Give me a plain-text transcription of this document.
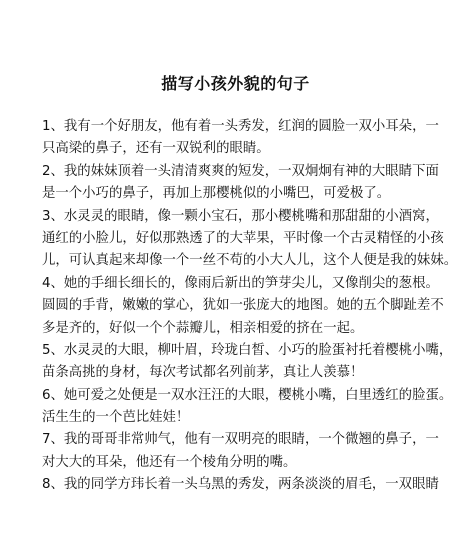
描写小孩外貌的句子
1、我有一个好朋友，他有着一头秀发，红润的圆脸一双小耳朵，一
只高梁的鼻子，还有一双锐利的眼睛。
2、我的妹妹顶着一头清清爽爽的短发，一双炯炯有神的大眼睛下面
是一个小巧的鼻子，再加上那樱桃似的小嘴巴，可爱极了。
3、水灵灵的眼睛，像一颗小宝石，那小樱桃嘴和那甜甜的小酒窝，
通红的小脸儿，好似那熟透了的大苹果，平时像一个古灵精怪的小孩
儿，可认真起来却像一个一丝不苟的小大人儿，这个人便是我的妹妹。
4、她的手细长细长的，像雨后新出的笋芽尖儿，又像削尖的葱根。
圆圆的手背，嫩嫩的掌心，犹如一张庞大的地图。她的五个脚趾差不
多是齐的，好似一个个蒜瓣儿，相亲相爱的挤在一起。
5、水灵灵的大眼，柳叶眉，玲珑白皙、小巧的脸蛋衬托着樱桃小嘴，
苗条高挑的身材，每次考试都名列前茅，真让人羡慕！
6、她可爱之处便是一双水汪汪的大眼，樱桃小嘴，白里透红的脸蛋。
活生生的一个芭比娃娃！
7、我的哥哥非常帅气，他有一双明亮的眼睛，一个微翘的鼻子，一
对大大的耳朵，他还有一个棱角分明的嘴。
8、我的同学方玮长着一头乌黑的秀发，两条淡淡的眉毛，一双眼睛
